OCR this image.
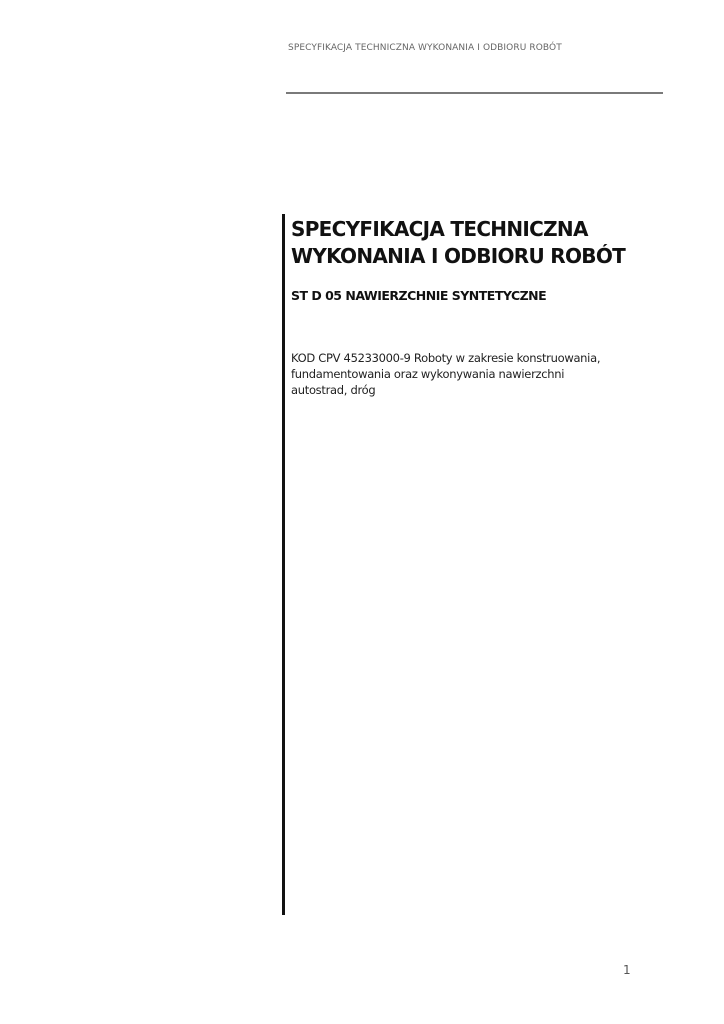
SPECYFIKACJA TECHNICZNA WYKONANIA I ODBIORU ROBÓT
SPECYFIKACJA TECHNICZNA
WYKONANIA I ODBIORU ROBÓT
ST D 05 NAWIERZCHNIE SYNTETYCZNE

KOD CPV 45233000-9 Roboty w zakresie konstruowania,
fundamentowania oraz wykonywania nawierzchni
autostrad, dróg

1
